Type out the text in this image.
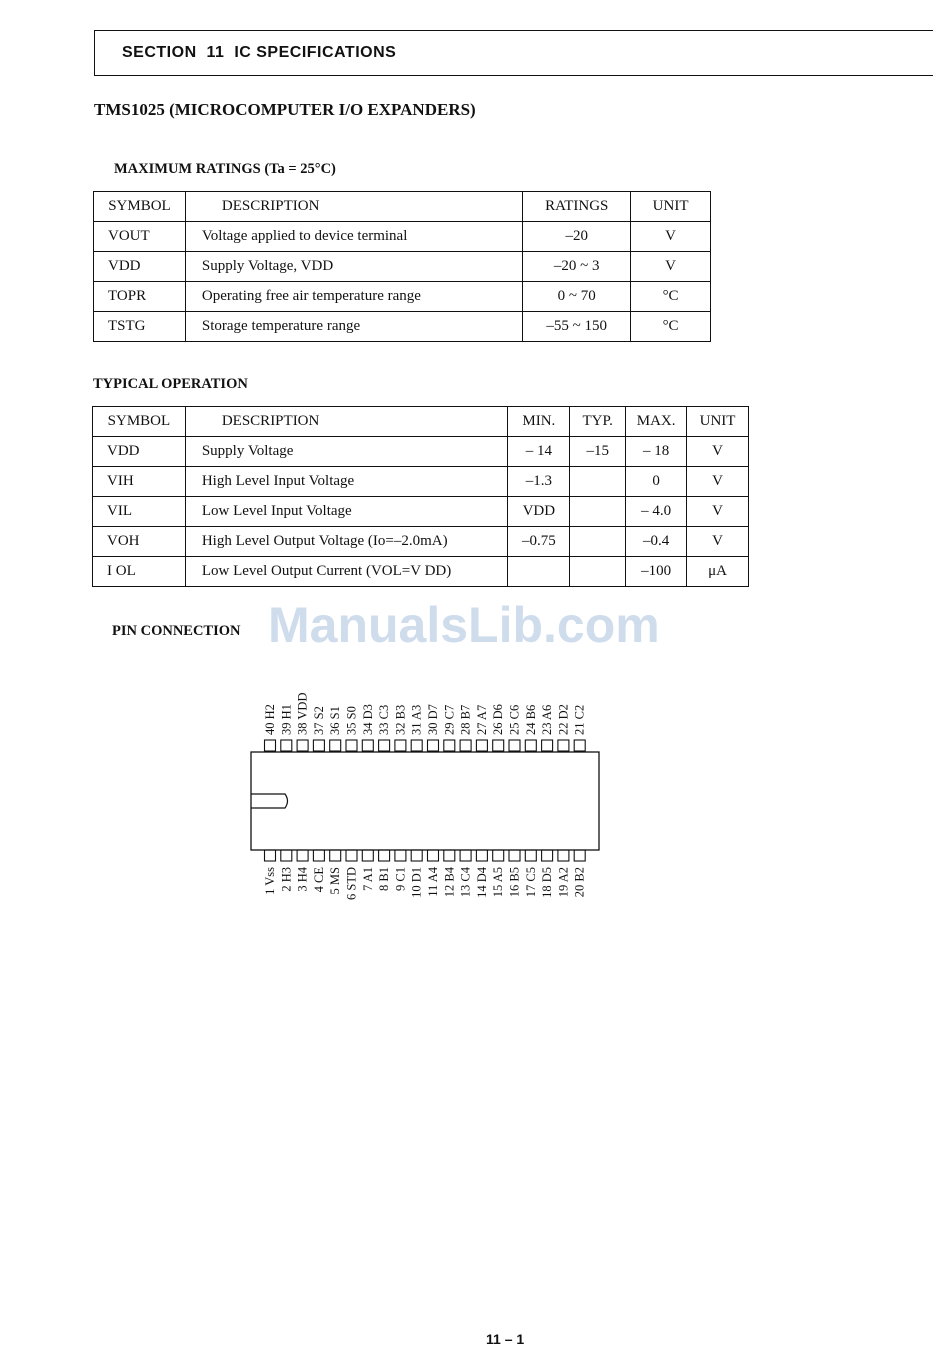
SECTION  11  IC SPECIFICATIONS
TMS1025 (MICROCOMPUTER I/O EXPANDERS)
MAXIMUM RATINGS (Ta = 25°C)
SYMBOL	DESCRIPTION	RATINGS	UNIT
VOUT	Voltage applied to device terminal	–20	V
VDD	Supply Voltage, VDD	–20 ~ 3	V
TOPR	Operating free air temperature range	0 ~ 70	°C
TSTG	Storage temperature range	–55 ~ 150	°C
TYPICAL OPERATION
SYMBOL	DESCRIPTION	MIN.	TYP.	MAX.	UNIT
VDD	Supply Voltage	– 14	–15	– 18	V
VIH	High Level Input Voltage	–1.3		0	V
VIL	Low Level Input Voltage	VDD		– 4.0	V
VOH	High Level Output Voltage (Io=–2.0mA)	–0.75		–0.4	V
I OL	Low Level Output Current (VOL=V DD)			–100	μA
PIN CONNECTION ManualsLib.com
40 H2 39 H1 38 VDD 37 S2 36 S1 35 S0 34 D3 33 C3 32 B3 31 A3 30 D7 29 C7 28 B7 27 A7 26 D6 25 C6 24 B6 23 A6 22 D2 21 C2
1 Vss 2 H3 3 H4 4 CE 5 MS 6 STD 7 A1 8 B1 9 C1 10 D1 11 A4 12 B4 13 C4 14 D4 15 A5 16 B5 17 C5 18 D5 19 A2 20 B2
11 – 1
